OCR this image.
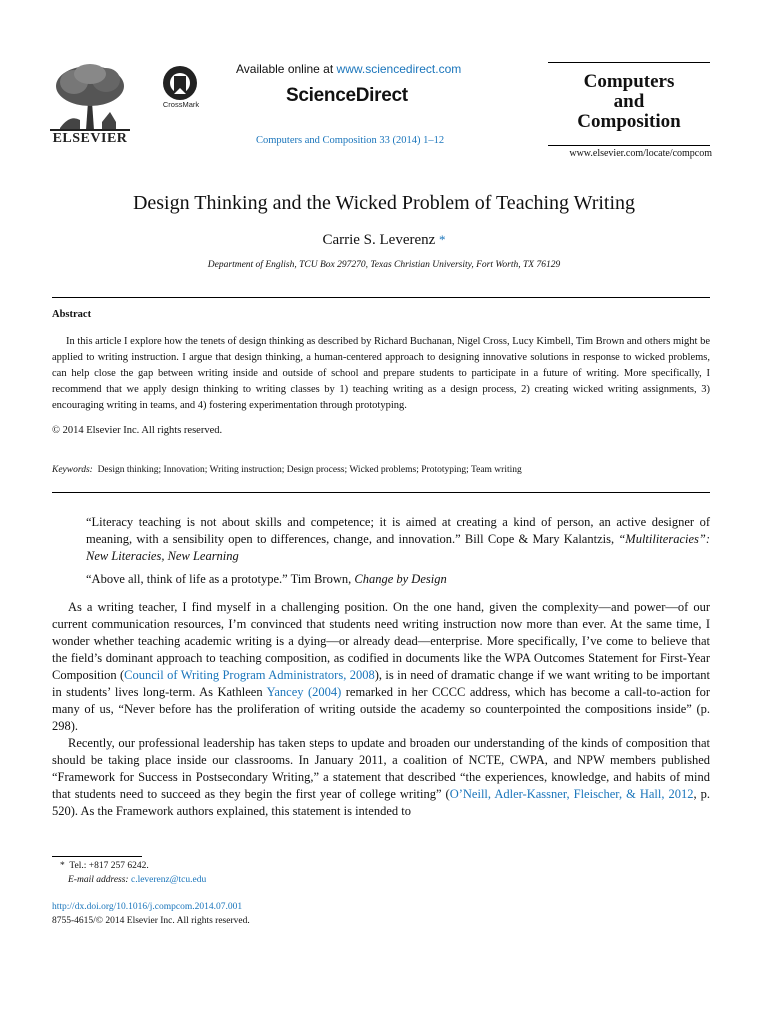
ELSEVIER
CrossMark
Available online at www.sciencedirect.com
ScienceDirect
Computers and Composition 33 (2014) 1–12
Computers
and
Composition
www.elsevier.com/locate/compcom
Design Thinking and the Wicked Problem of Teaching Writing
Carrie S. Leverenz *
Department of English, TCU Box 297270, Texas Christian University, Fort Worth, TX 76129
Abstract
In this article I explore how the tenets of design thinking as described by Richard Buchanan, Nigel Cross, Lucy Kimbell, Tim Brown and others might be applied to writing instruction. I argue that design thinking, a human-centered approach to designing innovative solutions in response to wicked problems, can help close the gap between writing inside and outside of school and prepare students to participate in a future of writing. More specifically, I recommend that we apply design thinking to writing classes by 1) teaching writing as a design process, 2) creating wicked writing assignments, 3) encouraging writing in teams, and 4) fostering experimentation through prototyping.
© 2014 Elsevier Inc. All rights reserved.
Keywords: Design thinking; Innovation; Writing instruction; Design process; Wicked problems; Prototyping; Team writing
“Literacy teaching is not about skills and competence; it is aimed at creating a kind of person, an active designer of meaning, with a sensibility open to differences, change, and innovation.” Bill Cope & Mary Kalantzis, “Multiliteracies”: New Literacies, New Learning
“Above all, think of life as a prototype.” Tim Brown, Change by Design

As a writing teacher, I find myself in a challenging position. On the one hand, given the complexity—and power—of our current communication resources, I’m convinced that students need writing instruction now more than ever. At the same time, I wonder whether teaching academic writing is a dying—or already dead—enterprise. More specifically, I’ve come to believe that the field’s dominant approach to teaching composition, as codified in documents like the WPA Outcomes Statement for First-Year Composition (Council of Writing Program Administrators, 2008), is in need of dramatic change if we want writing to be important in students’ lives long-term. As Kathleen Yancey (2004) remarked in her CCCC address, which has become a call-to-action for many of us, “Never before has the proliferation of writing outside the academy so counterpointed the compositions inside” (p. 298).

Recently, our professional leadership has taken steps to update and broaden our understanding of the kinds of composition that should be taking place inside our classrooms. In January 2011, a coalition of NCTE, CWPA, and NPW members published “Framework for Success in Postsecondary Writing,” a statement that described “the experiences, knowledge, and habits of mind that students need to succeed as they begin the first year of college writing” (O’Neill, Adler-Kassner, Fleischer, & Hall, 2012, p. 520). As the Framework authors explained, this statement is intended to

* Tel.: +817 257 6242.
E-mail address: c.leverenz@tcu.edu
http://dx.doi.org/10.1016/j.compcom.2014.07.001
8755-4615/© 2014 Elsevier Inc. All rights reserved.
